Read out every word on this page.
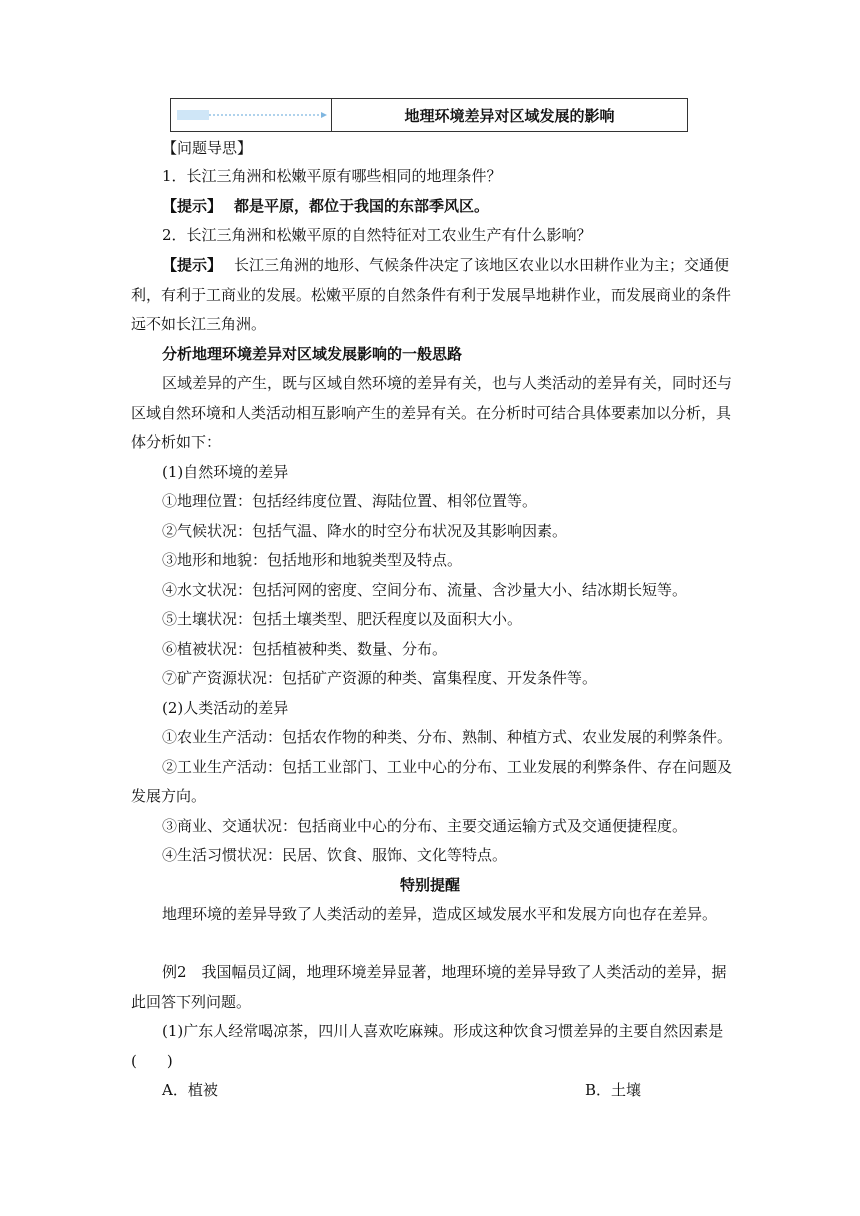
地理环境差异对区域发展的影响
【问题导思】
1．长江三角洲和松嫩平原有哪些相同的地理条件？
【提示】 都是平原，都位于我国的东部季风区。
2．长江三角洲和松嫩平原的自然特征对工农业生产有什么影响？
【提示】 长江三角洲的地形、气候条件决定了该地区农业以水田耕作业为主；交通便
利，有利于工商业的发展。松嫩平原的自然条件有利于发展旱地耕作业，而发展商业的条件
远不如长江三角洲。
分析地理环境差异对区域发展影响的一般思路
区域差异的产生，既与区域自然环境的差异有关，也与人类活动的差异有关，同时还与
区域自然环境和人类活动相互影响产生的差异有关。在分析时可结合具体要素加以分析，具
体分析如下：
(1)自然环境的差异
①地理位置：包括经纬度位置、海陆位置、相邻位置等。
②气候状况：包括气温、降水的时空分布状况及其影响因素。
③地形和地貌：包括地形和地貌类型及特点。
④水文状况：包括河网的密度、空间分布、流量、含沙量大小、结冰期长短等。
⑤土壤状况：包括土壤类型、肥沃程度以及面积大小。
⑥植被状况：包括植被种类、数量、分布。
⑦矿产资源状况：包括矿产资源的种类、富集程度、开发条件等。
(2)人类活动的差异
①农业生产活动：包括农作物的种类、分布、熟制、种植方式、农业发展的利弊条件。
②工业生产活动：包括工业部门、工业中心的分布、工业发展的利弊条件、存在问题及
发展方向。
③商业、交通状况：包括商业中心的分布、主要交通运输方式及交通便捷程度。
④生活习惯状况：民居、饮食、服饰、文化等特点。
特别提醒
地理环境的差异导致了人类活动的差异，造成区域发展水平和发展方向也存在差异。
例2　我国幅员辽阔，地理环境差异显著，地理环境的差异导致了人类活动的差异，据
此回答下列问题。
(1)广东人经常喝凉茶，四川人喜欢吃麻辣。形成这种饮食习惯差异的主要自然因素是
(　　)
A．植被	B．土壤
